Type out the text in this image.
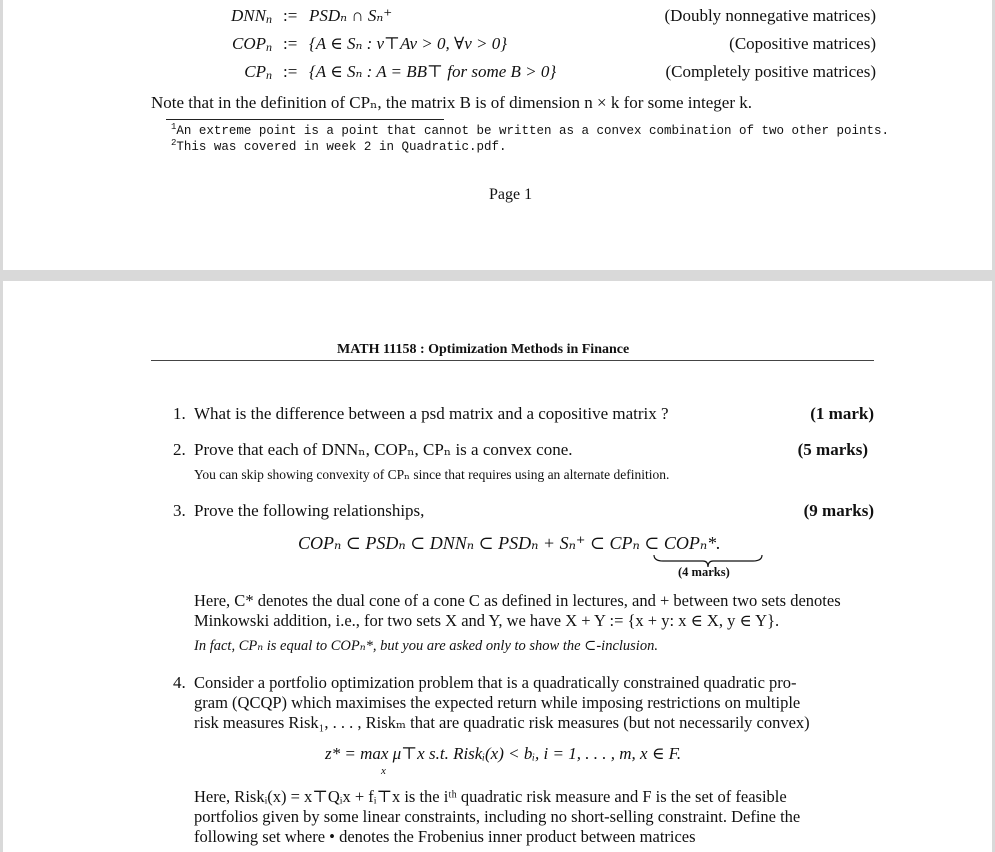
DNN n := PSDₙ ∩ Sₙ⁺	(Doubly nonnegative matrices)
COP n := {A ∈ Sₙ : v⊤Av > 0, ∀v > 0}	(Copositive matrices)
CP n := {A ∈ Sₙ : A = BB⊤ for some B > 0}	(Completely positive matrices)
Note that in the definition of CPₙ, the matrix B is of dimension n × k for some integer k.
$^1$An extreme point is a point that cannot be written as a convex combination of two other points.
$^2$This was covered in week 2 in Quadratic.pdf.
Page 1
MATH 11158 : Optimization Methods in Finance
1. What is the difference between a psd matrix and a copositive matrix ?	(1 mark)
2. Prove that each of DNNₙ, COPₙ, CPₙ is a convex cone.	(5 marks)
You can skip showing convexity of CPₙ since that requires using an alternate definition.
3. Prove the following relationships,	(9 marks)
COPₙ ⊂ PSDₙ ⊂ DNNₙ ⊂ PSDₙ + Sₙ⁺ ⊂ CPₙ ⊂ COPₙ*.
(4 marks)
Here, C* denotes the dual cone of a cone C as defined in lectures, and + between two sets denotes
Minkowski addition, i.e., for two sets X and Y, we have X + Y := {x + y: x ∈ X, y ∈ Y}.
In fact, CPₙ is equal to COPₙ*, but you are asked only to show the ⊂-inclusion.
4. Consider a portfolio optimization problem that is a quadratically constrained quadratic pro-
gram (QCQP) which maximises the expected return while imposing restrictions on multiple
risk measures Risk₁, . . . , Riskₘ that are quadratic risk measures (but not necessarily convex)
z* = max μ⊤x s.t. Riskᵢ(x) < bᵢ, i = 1, . . . , m, x ∈ F.
x
Here, Riskᵢ(x) = x⊤Qᵢx + fᵢ⊤x is the iᵗʰ quadratic risk measure and F is the set of feasible
portfolios given by some linear constraints, including no short-selling constraint. Define the
following set where • denotes the Frobenius inner product between matrices
